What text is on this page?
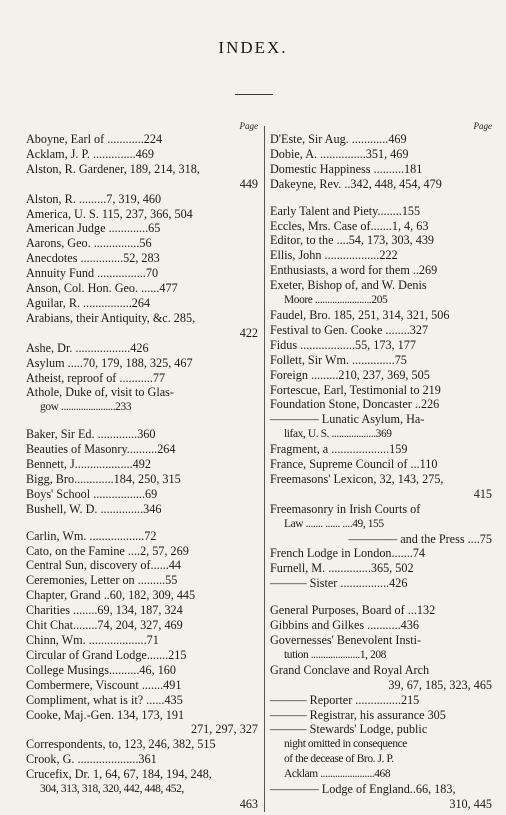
INDEX.
Page
Aboyne, Earl of ............224
Acklam, J. P. ..............469
Alston, R. Gardener, 189, 214, 318,
449
Alston, R. .........7, 319, 460
America, U. S. 115, 237, 366, 504
American Judge .............65
Aarons, Geo. ...............56
Anecdotes ..............52, 283
Annuity Fund ................70
Anson, Col. Hon. Geo. ......477
Aguilar, R. ................264
Arabians, their Antiquity, &c. 285,
422
Ashe, Dr. ..................426
Asylum .....70, 179, 188, 325, 467
Atheist, reproof of ...........77
Athole, Duke of, visit to Glas-
gow ......................233
Baker, Sir Ed. .............360
Beauties of Masonry..........264
Bennett, J...................492
Bigg, Bro.............184, 250, 315
Boys' School .................69
Bushell, W. D. ..............346
Carlin, Wm. ..................72
Cato, on the Famine ....2, 57, 269
Central Sun, discovery of......44
Ceremonies, Letter on .........55
Chapter, Grand ..60, 182, 309, 445
Charities ........69, 134, 187, 324
Chit Chat........74, 204, 327, 469
Chinn, Wm. ...................71
Circular of Grand Lodge.......215
College Musings..........46, 160
Combermere, Viscount .......491
Compliment, what is it? ......435
Cooke, Maj.-Gen. 134, 173, 191
271, 297, 327
Correspondents, to, 123, 246, 382, 515
Crook, G. ....................361
Crucefix, Dr. 1, 64, 67, 184, 194, 248,
304, 313, 318, 320, 442, 448, 452,
463
Page
D'Este, Sir Aug. ............469
Dobie, A. ...............351, 469
Domestic Happiness ..........181
Dakeyne, Rev. ..342, 448, 454, 479
Early Talent and Piety........155
Eccles, Mrs. Case of.......1, 4, 63
Editor, to the ....54, 173, 303, 439
Ellis, John ..................222
Enthusiasts, a word for them ..269
Exeter, Bishop of, and W. Denis
Moore .......................205
Faudel, Bro. 185, 251, 314, 321, 506
Festival to Gen. Cooke ........327
Fidus ..................55, 173, 177
Follett, Sir Wm. ..............75
Foreign .........210, 237, 369, 505
Fortescue, Earl, Testimonial to 219
Foundation Stone, Doncaster ..226
———— Lunatic Asylum, Ha-
lifax, U. S. ..................369
Fragment, a ...................159
France, Supreme Council of ...110
Freemasons' Lexicon, 32, 143, 275,
415
Freemasonry in Irish Courts of
Law ....... ...... ....49, 155
———— and the Press ....75
French Lodge in London.......74
Furnell, M. ..............365, 502
——— Sister ................426
General Purposes, Board of ...132
Gibbins and Gilkes ...........436
Governesses' Benevolent Insti-
tution ....................1, 208
Grand Conclave and Royal Arch
39, 67, 185, 323, 465
——— Reporter ...............215
——— Registrar, his assurance 305
——— Stewards' Lodge, public
night omitted in consequence
of the decease of Bro. J. P.
Acklam ......................468
———— Lodge of England..66, 183,
310, 445
